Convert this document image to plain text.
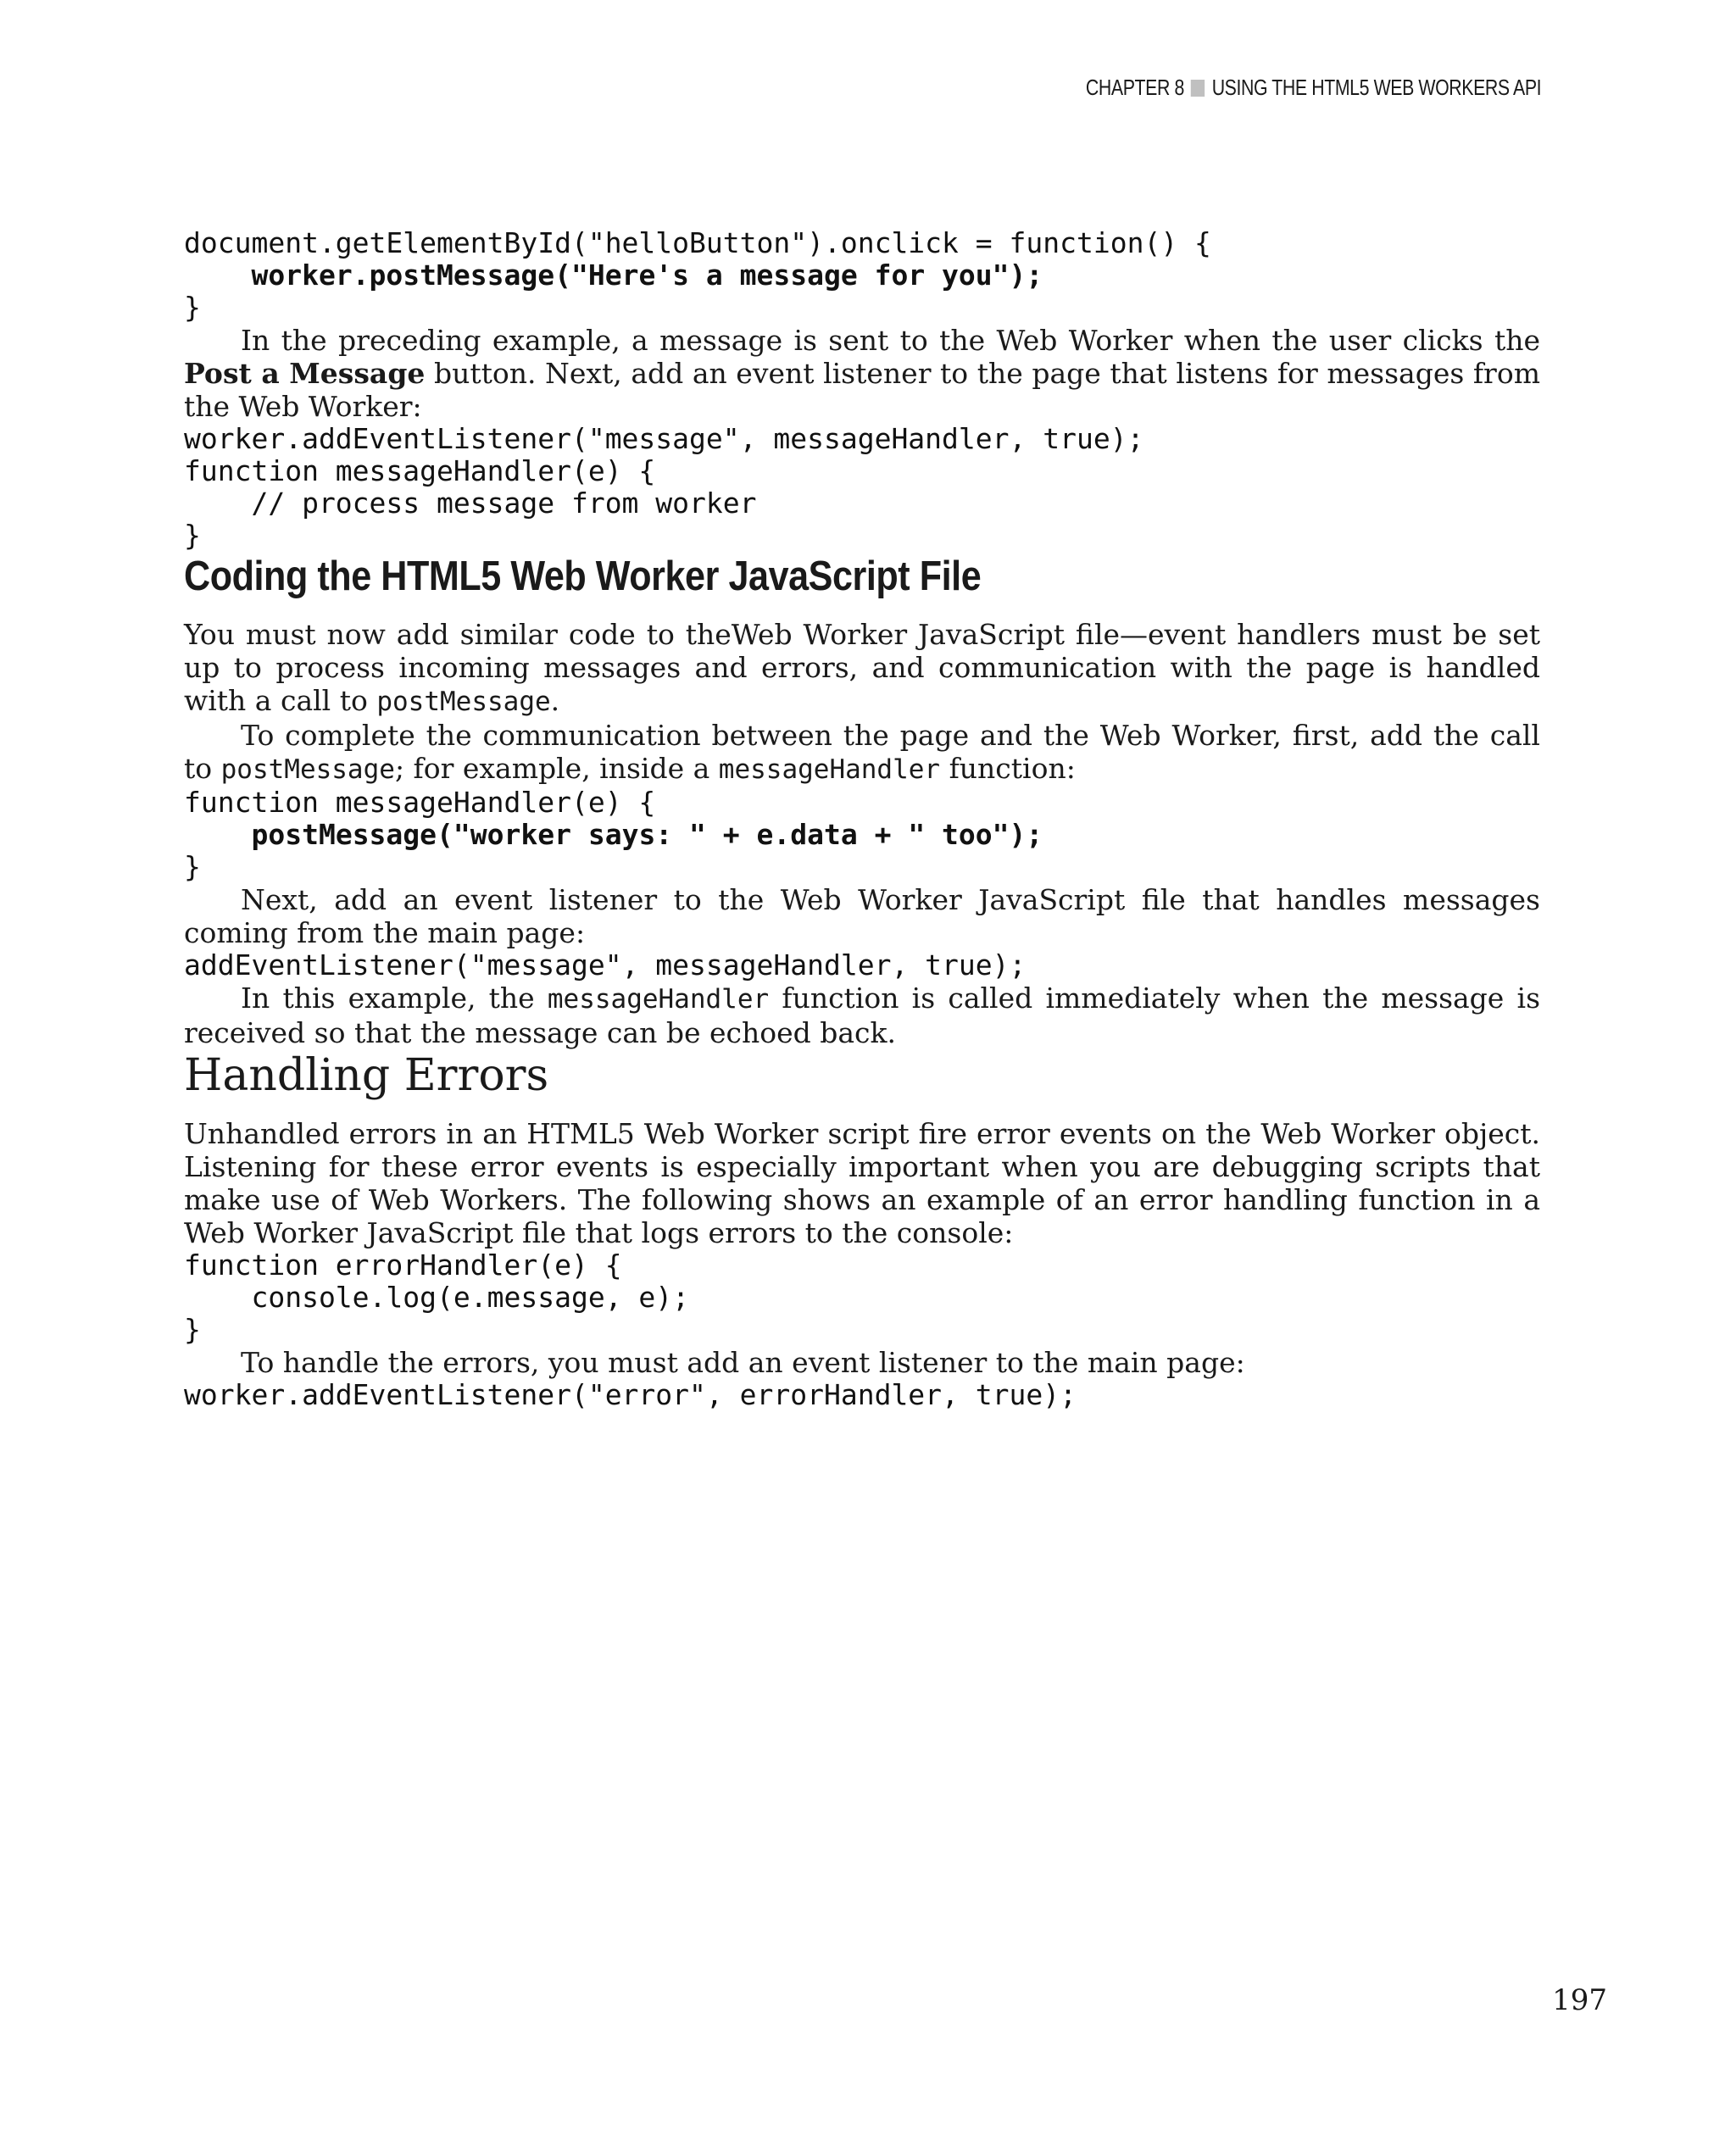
CHAPTER 8 USING THE HTML5 WEB WORKERS API
document.getElementById("helloButton").onclick = function() {
worker.postMessage("Here's a message for you");
}

In the preceding example, a message is sent to the Web Worker when the user clicks the Post a Message button. Next, add an event listener to the page that listens for messages from the Web Worker:

worker.addEventListener("message", messageHandler, true);
function messageHandler(e) {
// process message from worker
}
Coding the HTML5 Web Worker JavaScript File

You must now add similar code to theWeb Worker JavaScript file—event handlers must be set up to process incoming messages and errors, and communication with the page is handled with a call to postMessage.

To complete the communication between the page and the Web Worker, first, add the call to postMessage; for example, inside a messageHandler function:

function messageHandler(e) {
postMessage("worker says: " + e.data + " too");
}

Next, add an event listener to the Web Worker JavaScript file that handles messages coming from the main page:

addEventListener("message", messageHandler, true);

In this example, the messageHandler function is called immediately when the message is received so that the message can be echoed back.

Handling Errors

Unhandled errors in an HTML5 Web Worker script fire error events on the Web Worker object. Listening for these error events is especially important when you are debugging scripts that make use of Web Workers. The following shows an example of an error handling function in a Web Worker JavaScript file that logs errors to the console:

function errorHandler(e) {
console.log(e.message, e);
}

To handle the errors, you must add an event listener to the main page:

worker.addEventListener("error", errorHandler, true);
197
